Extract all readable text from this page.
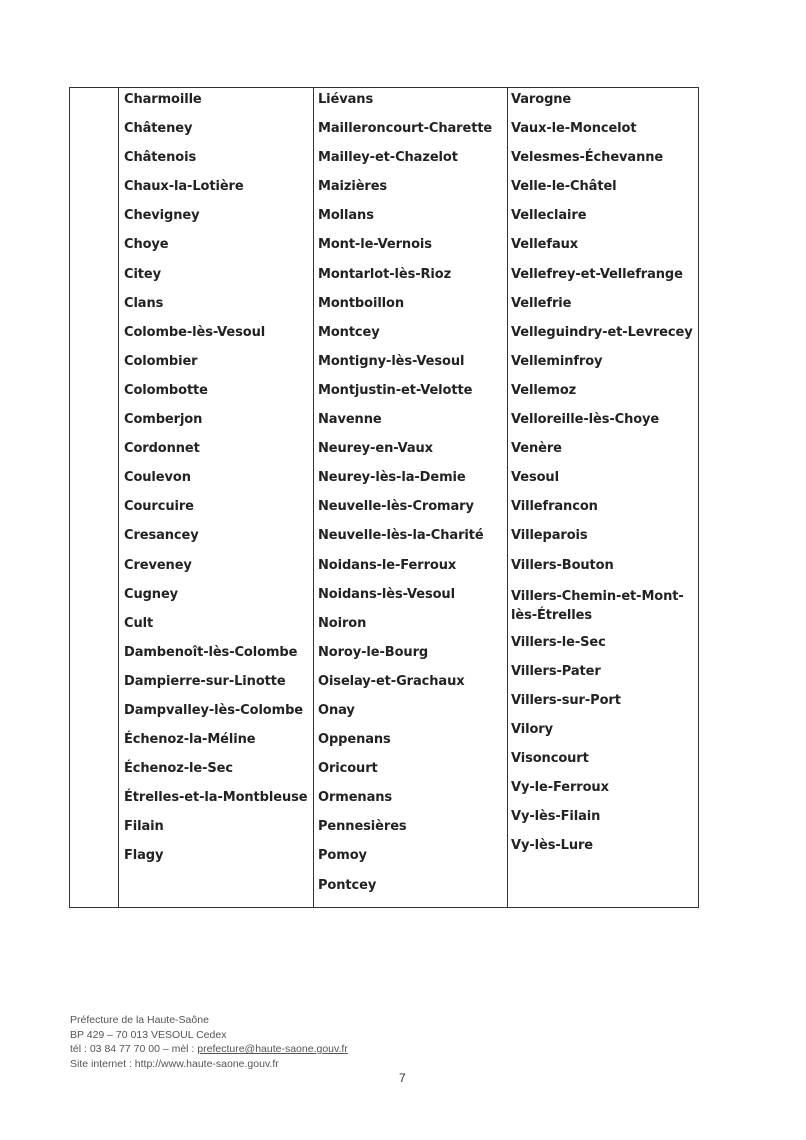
Charmoille
Châteney
Châtenois
Chaux-la-Lotière
Chevigney
Choye
Citey
Clans
Colombe-lès-Vesoul
Colombier
Colombotte
Comberjon
Cordonnet
Coulevon
Courcuire
Cresancey
Creveney
Cugney
Cult
Dambenoît-lès-Colombe
Dampierre-sur-Linotte
Dampvalley-lès-Colombe
Échenoz-la-Méline
Échenoz-le-Sec
Étrelles-et-la-Montbleuse
Filain
Flagy
Liévans
Mailleroncourt-Charette
Mailley-et-Chazelot
Maizières
Mollans
Mont-le-Vernois
Montarlot-lès-Rioz
Montboillon
Montcey
Montigny-lès-Vesoul
Montjustin-et-Velotte
Navenne
Neurey-en-Vaux
Neurey-lès-la-Demie
Neuvelle-lès-Cromary
Neuvelle-lès-la-Charité
Noidans-le-Ferroux
Noidans-lès-Vesoul
Noiron
Noroy-le-Bourg
Oiselay-et-Grachaux
Onay
Oppenans
Oricourt
Ormenans
Pennesières
Pomoy
Pontcey
Varogne
Vaux-le-Moncelot
Velesmes-Échevanne
Velle-le-Châtel
Velleclaire
Vellefaux
Vellefrey-et-Vellefrange
Vellefrie
Velleguindry-et-Levrecey
Velleminfroy
Vellemoz
Velloreille-lès-Choye
Venère
Vesoul
Villefrancon
Villeparois
Villers-Bouton
Villers-Chemin-et-Mont-lès-Étrelles
Villers-le-Sec
Villers-Pater
Villers-sur-Port
Vilory
Visoncourt
Vy-le-Ferroux
Vy-lès-Filain
Vy-lès-Lure
Préfecture de la Haute-Saône
BP 429 – 70 013 VESOUL Cedex
tél : 03 84 77 70 00 – mèl : prefecture@haute-saone.gouv.fr
Site internet : http://www.haute-saone.gouv.fr
7
